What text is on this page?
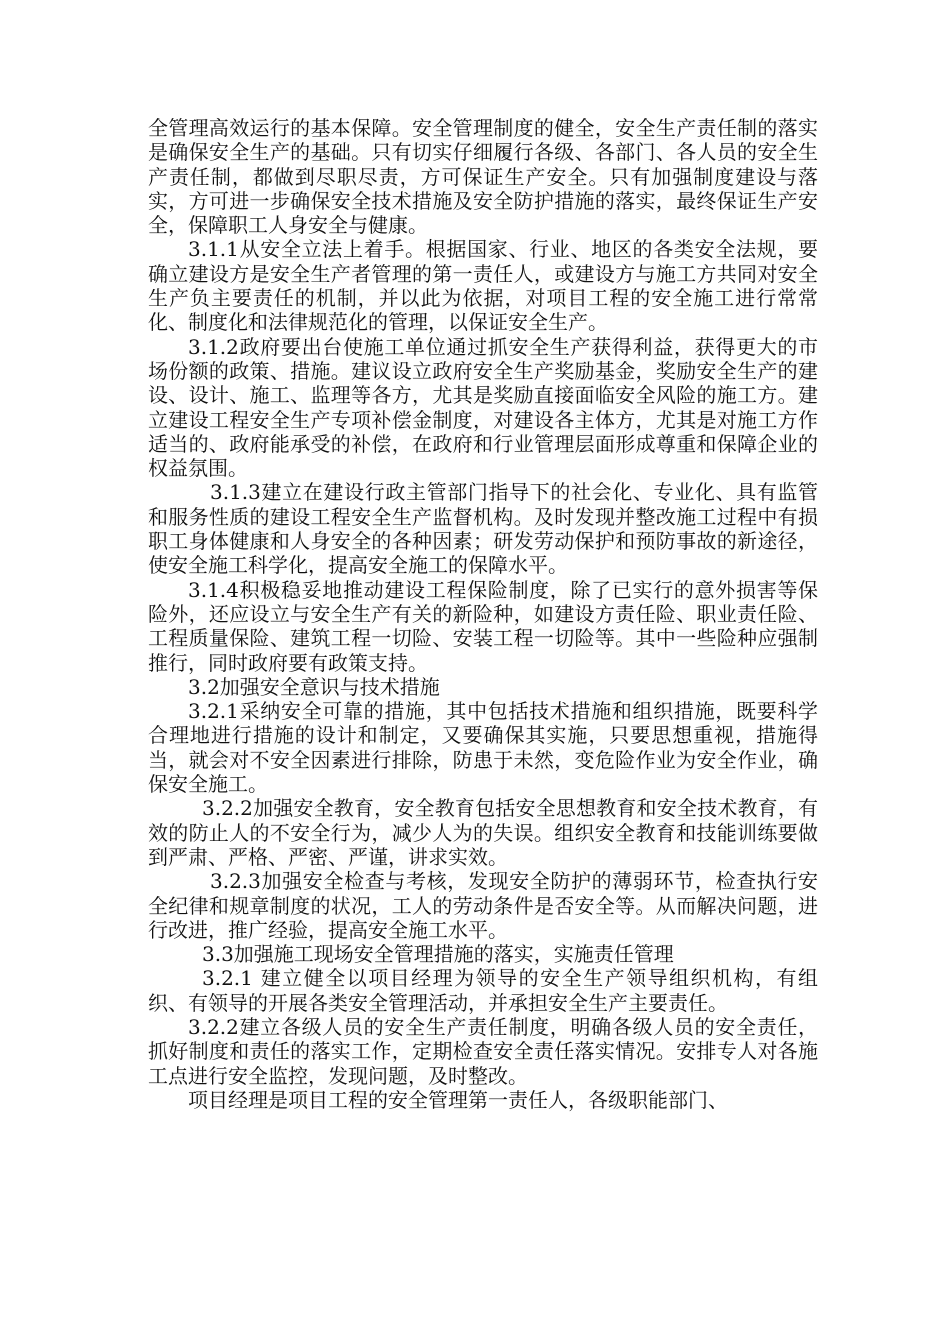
全管理高效运行的基本保障。安全管理制度的健全，安全生产责任制的落实是确保安全生产的基础。只有切实仔细履行各级、各部门、各人员的安全生产责任制，都做到尽职尽责，方可保证生产安全。只有加强制度建设与落实，方可进一步确保安全技术措施及安全防护措施的落实，最终保证生产安全，保障职工人身安全与健康。

3.1.1从安全立法上着手。根据国家、行业、地区的各类安全法规，要确立建设方是安全生产者管理的第一责任人，或建设方与施工方共同对安全生产负主要责任的机制，并以此为依据，对项目工程的安全施工进行常常化、制度化和法律规范化的管理，以保证安全生产。

3.1.2政府要出台使施工单位通过抓安全生产获得利益，获得更大的市场份额的政策、措施。建议设立政府安全生产奖励基金，奖励安全生产的建设、设计、施工、监理等各方，尤其是奖励直接面临安全风险的施工方。建立建设工程安全生产专项补偿金制度，对建设各主体方，尤其是对施工方作适当的、政府能承受的补偿，在政府和行业管理层面形成尊重和保障企业的权益氛围。

3.1.3建立在建设行政主管部门指导下的社会化、专业化、具有监管和服务性质的建设工程安全生产监督机构。及时发现并整改施工过程中有损职工身体健康和人身安全的各种因素；研发劳动保护和预防事故的新途径，使安全施工科学化，提高安全施工的保障水平。

3.1.4积极稳妥地推动建设工程保险制度，除了已实行的意外损害等保险外，还应设立与安全生产有关的新险种，如建设方责任险、职业责任险、工程质量保险、建筑工程一切险、安装工程一切险等。其中一些险种应强制推行，同时政府要有政策支持。

3.2加强安全意识与技术措施

3.2.1采纳安全可靠的措施，其中包括技术措施和组织措施，既要科学合理地进行措施的设计和制定，又要确保其实施，只要思想重视，措施得当，就会对不安全因素进行排除，防患于未然，变危险作业为安全作业，确保安全施工。

3.2.2加强安全教育，安全教育包括安全思想教育和安全技术教育，有效的防止人的不安全行为，减少人为的失误。组织安全教育和技能训练要做到严肃、严格、严密、严谨，讲求实效。

3.2.3加强安全检查与考核，发现安全防护的薄弱环节，检查执行安全纪律和规章制度的状况，工人的劳动条件是否安全等。从而解决问题，进行改进，推广经验，提高安全施工水平。

3.3加强施工现场安全管理措施的落实，实施责任管理

3.2.1 建立健全以项目经理为领导的安全生产领导组织机构，有组织、有领导的开展各类安全管理活动，并承担安全生产主要责任。

3.2.2建立各级人员的安全生产责任制度，明确各级人员的安全责任，抓好制度和责任的落实工作，定期检查安全责任落实情况。安排专人对各施工点进行安全监控，发现问题，及时整改。

项目经理是项目工程的安全管理第一责任人，各级职能部门、
